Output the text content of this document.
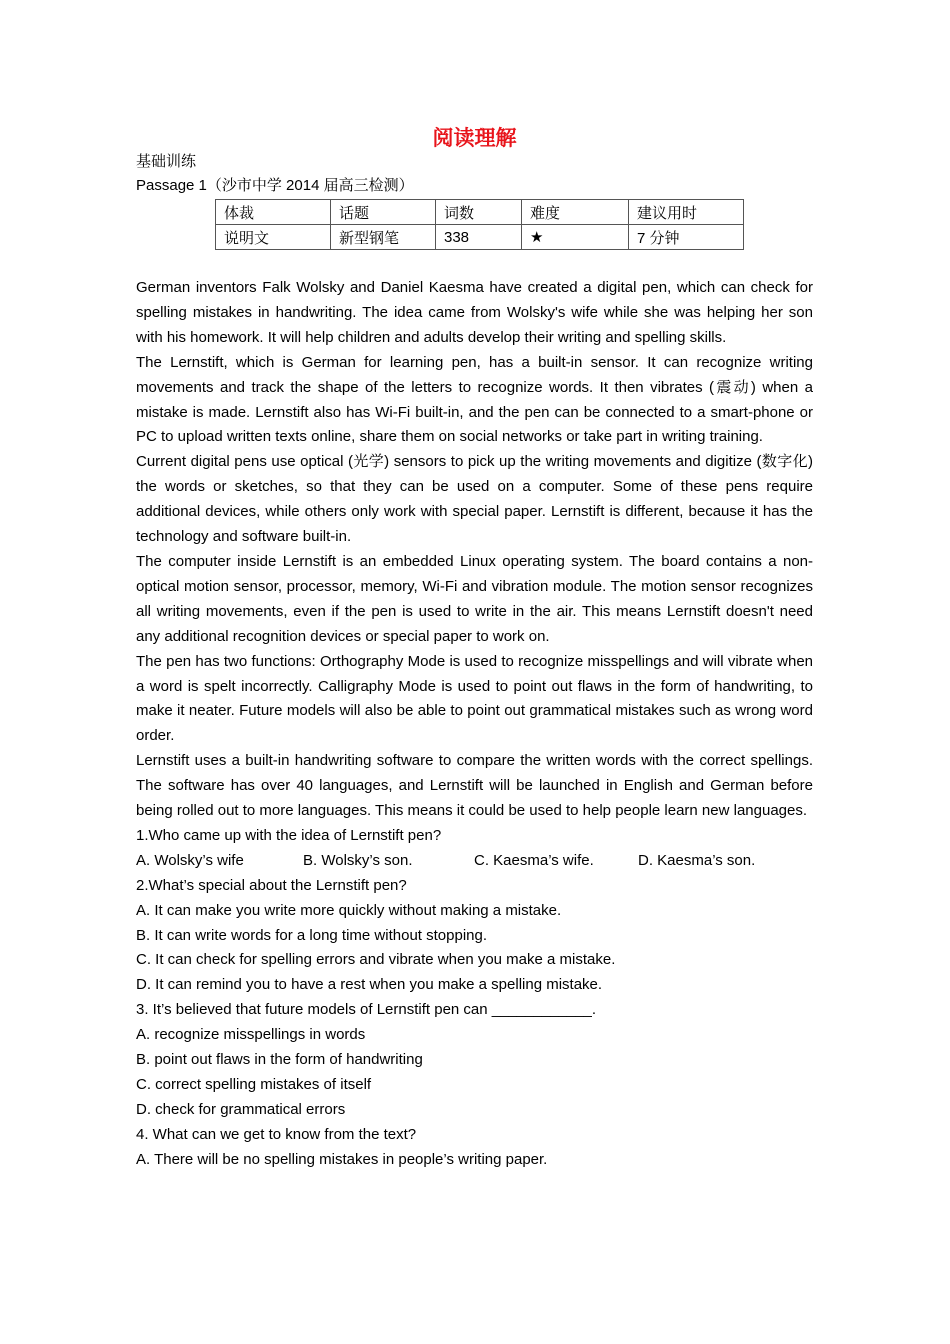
阅读理解
基础训练
Passage 1（沙市中学 2014 届高三检测）
体裁	话题	词数	难度	建议用时
说明文	新型钢笔	338	★	7 分钟

German inventors Falk Wolsky and Daniel Kaesma have created a digital pen, which can check for spelling mistakes in handwriting. The idea came from Wolsky's wife while she was helping her son with his homework. It will help children and adults develop their writing and spelling skills.

The Lernstift, which is German for learning pen, has a built-in sensor. It can recognize writing movements and track the shape of the letters to recognize words. It then vibrates (震动) when a mistake is made. Lernstift also has Wi-Fi built-in, and the pen can be connected to a smart-phone or PC to upload written texts online, share them on social networks or take part in writing training.

Current digital pens use optical (光学) sensors to pick up the writing movements and digitize (数字化) the words or sketches, so that they can be used on a computer. Some of these pens require additional devices, while others only work with special paper. Lernstift is different, because it has the technology and software built-in.

The computer inside Lernstift is an embedded Linux operating system. The board contains a non-optical motion sensor, processor, memory, Wi-Fi and vibration module. The motion sensor recognizes all writing movements, even if the pen is used to write in the air. This means Lernstift doesn't need any additional recognition devices or special paper to work on.

The pen has two functions: Orthography Mode is used to recognize misspellings and will vibrate when a word is spelt incorrectly. Calligraphy Mode is used to point out flaws in the form of handwriting, to make it neater. Future models will also be able to point out grammatical mistakes such as wrong word order.

Lernstift uses a built-in handwriting software to compare the written words with the correct spellings. The software has over 40 languages, and Lernstift will be launched in English and German before being rolled out to more languages. This means it could be used to help people learn new languages.

1.Who came up with the idea of Lernstift pen?
A. Wolsky’s wife	B. Wolsky’s son.	C. Kaesma’s wife.	D. Kaesma’s son.
2.What’s special about the Lernstift pen?
A. It can make you write more quickly without making a mistake.
B. It can write words for a long time without stopping.
C. It can check for spelling errors and vibrate when you make a mistake.
D. It can remind you to have a rest when you make a spelling mistake.
3. It’s believed that future models of Lernstift pen can ____________.
A. recognize misspellings in words
B. point out flaws in the form of handwriting
C. correct spelling mistakes of itself
D. check for grammatical errors
4. What can we get to know from the text?
A. There will be no spelling mistakes in people’s writing paper.
